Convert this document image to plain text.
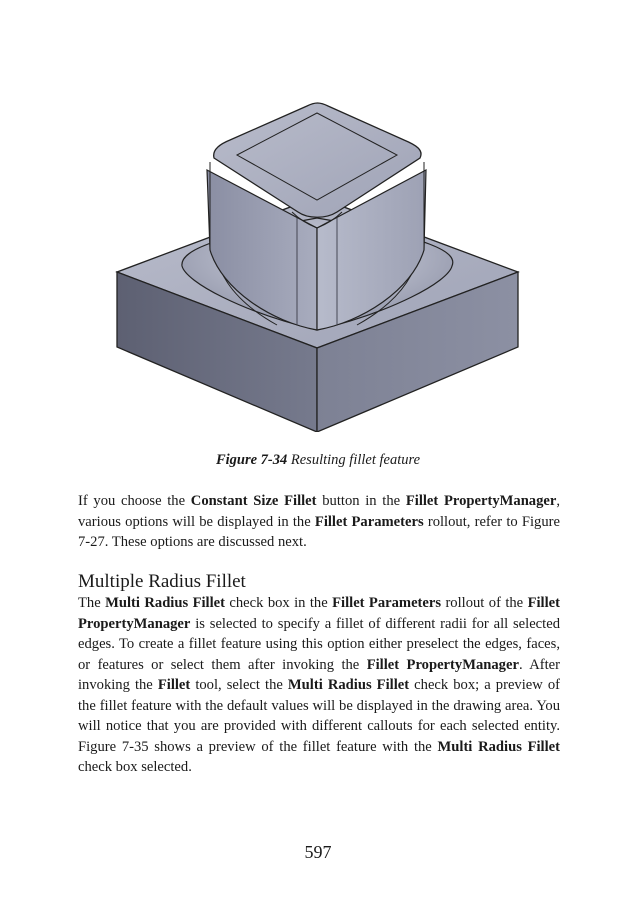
Figure 7-34 Resulting fillet feature
If you choose the Constant Size Fillet button in the Fillet PropertyManager, various options will be displayed in the Fillet Parameters rollout, refer to Figure 7-27. These options are discussed next.
Multiple Radius Fillet
The Multi Radius Fillet check box in the Fillet Parameters rollout of the Fillet PropertyManager is selected to specify a fillet of different radii for all selected edges. To create a fillet feature using this option either preselect the edges, faces, or features or select them after invoking the Fillet PropertyManager. After invoking the Fillet tool, select the Multi Radius Fillet check box; a preview of the fillet feature with the default values will be displayed in the drawing area. You will notice that you are provided with different callouts for each selected entity. Figure 7-35 shows a preview of the fillet feature with the Multi Radius Fillet check box selected.
597
